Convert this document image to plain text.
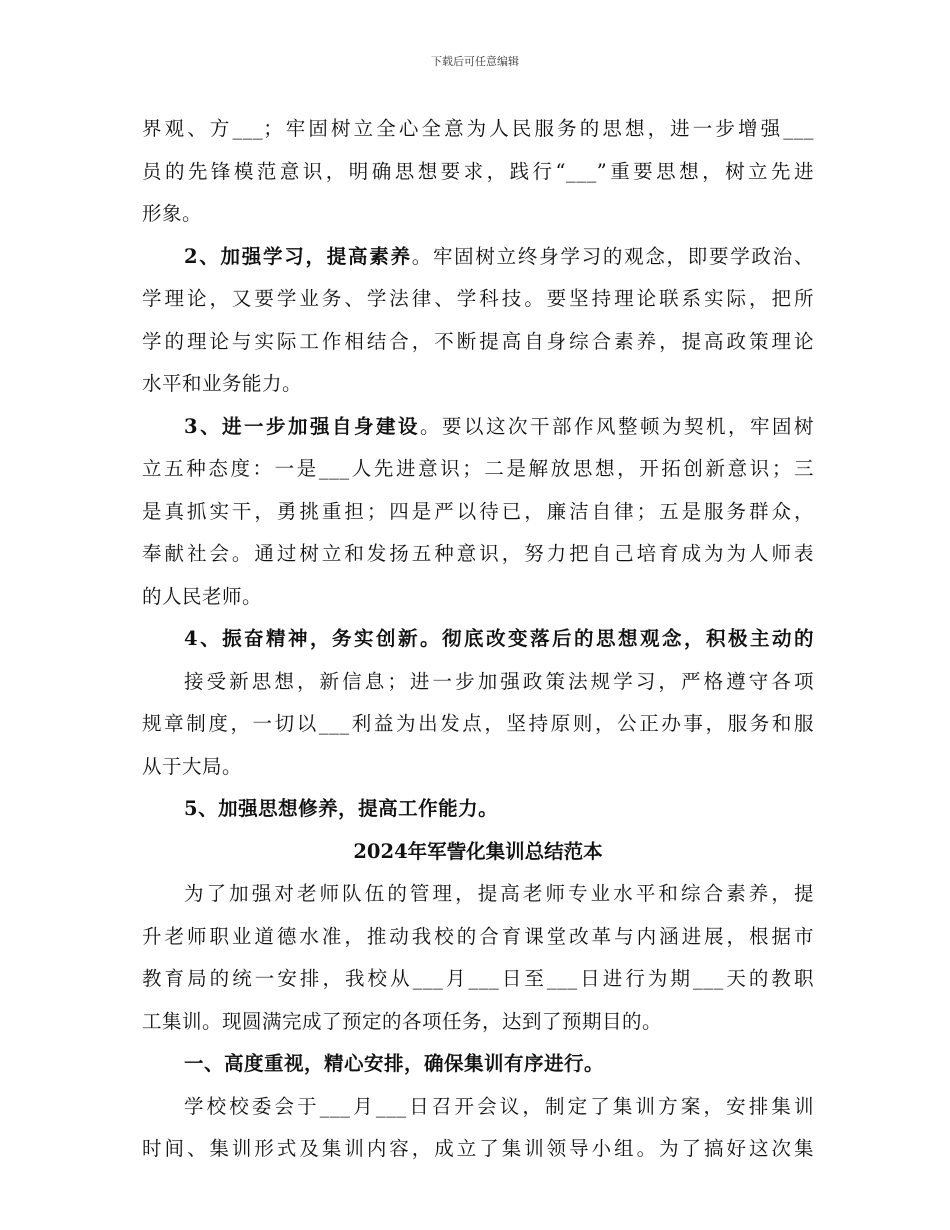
下载后可任意编辑
界观、方___；牢固树立全心全意为人民服务的思想，进一步增强___
员的先锋模范意识，明确思想要求，践行“___”重要思想，树立先进
形象。
2、加强学习，提高素养。牢固树立终身学习的观念，即要学政治、
学理论，又要学业务、学法律、学科技。要坚持理论联系实际，把所
学的理论与实际工作相结合，不断提高自身综合素养，提高政策理论
水平和业务能力。
3、进一步加强自身建设。要以这次干部作风整顿为契机，牢固树
立五种态度：一是___人先进意识；二是解放思想，开拓创新意识；三
是真抓实干，勇挑重担；四是严以待已，廉洁自律；五是服务群众，
奉献社会。通过树立和发扬五种意识，努力把自己培育成为为人师表
的人民老师。
4、振奋精神，务实创新。彻底改变落后的思想观念，积极主动的
接受新思想，新信息；进一步加强政策法规学习，严格遵守各项
规章制度，一切以___利益为出发点，坚持原则，公正办事，服务和服
从于大局。
5、加强思想修养，提高工作能力。
2024年军訾化集训总结范本
为了加强对老师队伍的管理，提高老师专业水平和综合素养，提
升老师职业道德水准，推动我校的合育课堂改革与内涵进展，根据市
教育局的统一安排，我校从___月___日至___日进行为期___天的教职
工集训。现圆满完成了预定的各项任务，达到了预期目的。
一、高度重视，精心安排，确保集训有序进行。
学校校委会于___月___日召开会议，制定了集训方案，安排集训
时间、集训形式及集训内容，成立了集训领导小组。为了搞好这次集
